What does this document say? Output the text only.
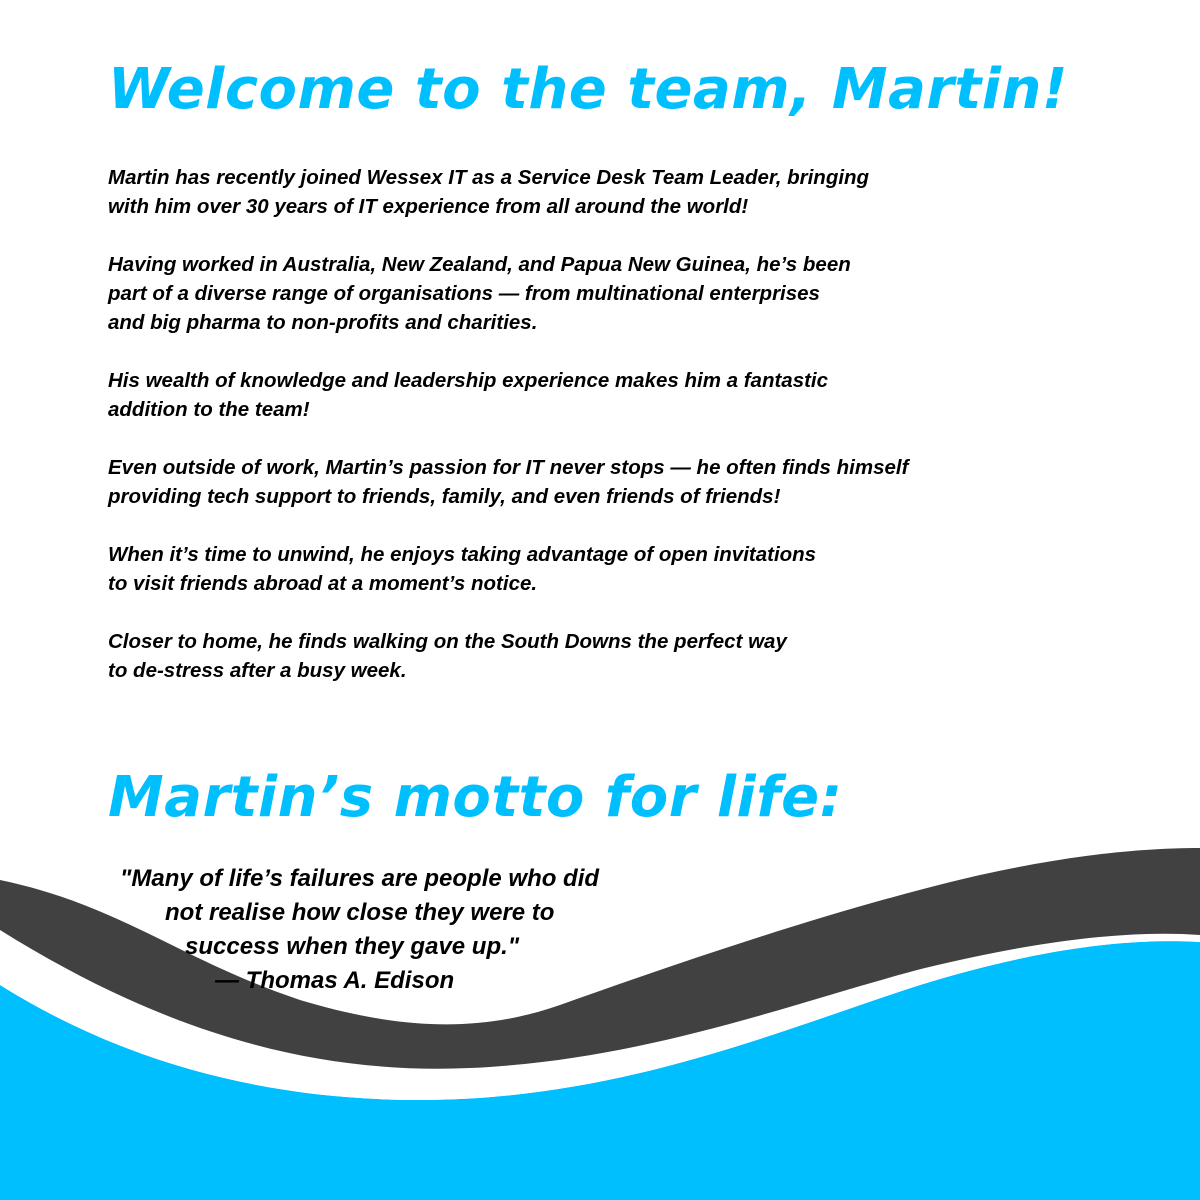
Welcome to the team, Martin!

Martin has recently joined Wessex IT as a Service Desk Team Leader, bringing
with him over 30 years of IT experience from all around the world!

Having worked in Australia, New Zealand, and Papua New Guinea, he’s been
part of a diverse range of organisations — from multinational enterprises
and big pharma to non-profits and charities.

His wealth of knowledge and leadership experience makes him a fantastic
addition to the team!

Even outside of work, Martin’s passion for IT never stops — he often finds himself
providing tech support to friends, family, and even friends of friends!

When it’s time to unwind, he enjoys taking advantage of open invitations
to visit friends abroad at a moment’s notice.

Closer to home, he finds walking on the South Downs the perfect way
to de-stress after a busy week.

Martin’s motto for life:
"Many of life’s failures are people who did
not realise how close they were to
success when they gave up."
— Thomas A. Edison
